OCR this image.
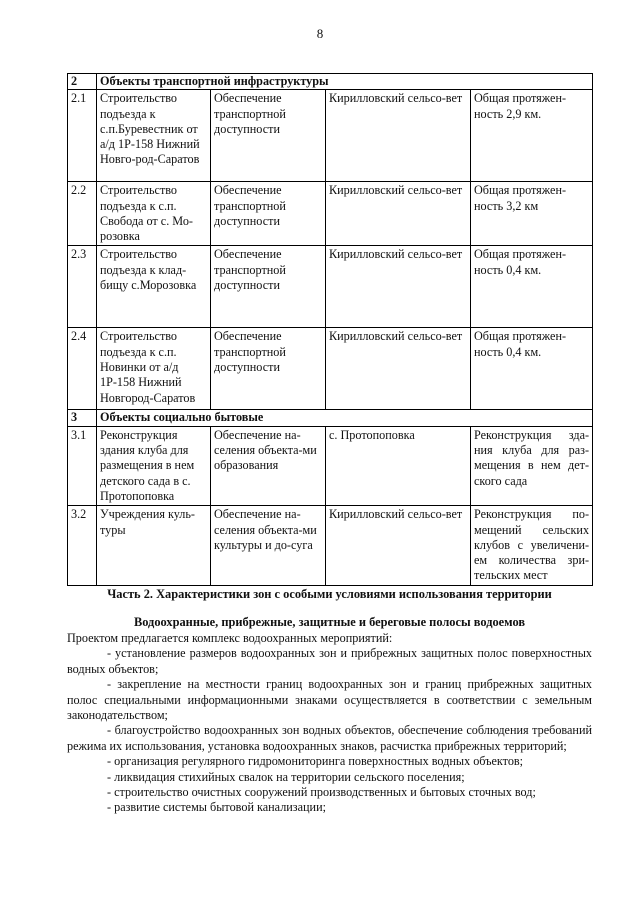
8
2	Объекты транспортной инфраструктуры			
2.1	Строительство подъезда к с.п.Буревестник от а/д 1Р-158 Нижний Новго-род-Саратов	Обеспечение транспортной доступности	Кирилловский сельсо-вет	Общая протяжен-ность 2,9 км.
2.2	Строительство подъезда к с.п. Свобода от с. Мо-розовка	Обеспечение транспортной доступности	Кирилловский сельсо-вет	Общая протяжен-ность 3,2 км
2.3	Строительство подъезда к клад-бищу с.Морозовка	Обеспечение транспортной доступности	Кирилловский сельсо-вет	Общая протяжен-ность 0,4 км.
2.4	Строительство подъезда к с.п. Новинки от а/д 1Р-158 Нижний Новгород-Саратов	Обеспечение транспортной доступности	Кирилловский сельсо-вет	Общая протяжен-ность 0,4 км.
3	Объекты социально бытовые			
3.1	Реконструкция здания клуба для размещения в нем детского сада в с. Протопоповка	Обеспечение на-селения объекта-ми образования	с. Протопоповка	Реконструкция зда-ния клуба для раз-мещения в нем дет-ского сада
3.2	Учреждения куль-туры	Обеспечение на-селения объекта-ми культуры и до-суга	Кирилловский сельсо-вет	Реконструкция по-мещений сельских клубов с увеличени-ем количества зри-тельских мест
Часть 2. Характеристики зон с особыми условиями использования территории
Водоохранные, прибрежные, защитные и береговые полосы водоемов

Проектом предлагается комплекс водоохранных мероприятий:

- установление размеров водоохранных зон и прибрежных защитных полос поверхностных водных объектов;

- закрепление на местности границ водоохранных зон и границ прибрежных защитных полос специальными информационными знаками осуществляется в соответствии с земельным законодательством;

- благоустройство водоохранных зон водных объектов, обеспечение соблюдения требований режима их использования, установка водоохранных знаков, расчистка прибрежных территорий;

- организация регулярного гидромониторинга поверхностных водных объектов;

- ликвидация стихийных свалок на территории сельского поселения;

- строительство очистных сооружений производственных и бытовых сточных вод;

- развитие системы бытовой канализации;
